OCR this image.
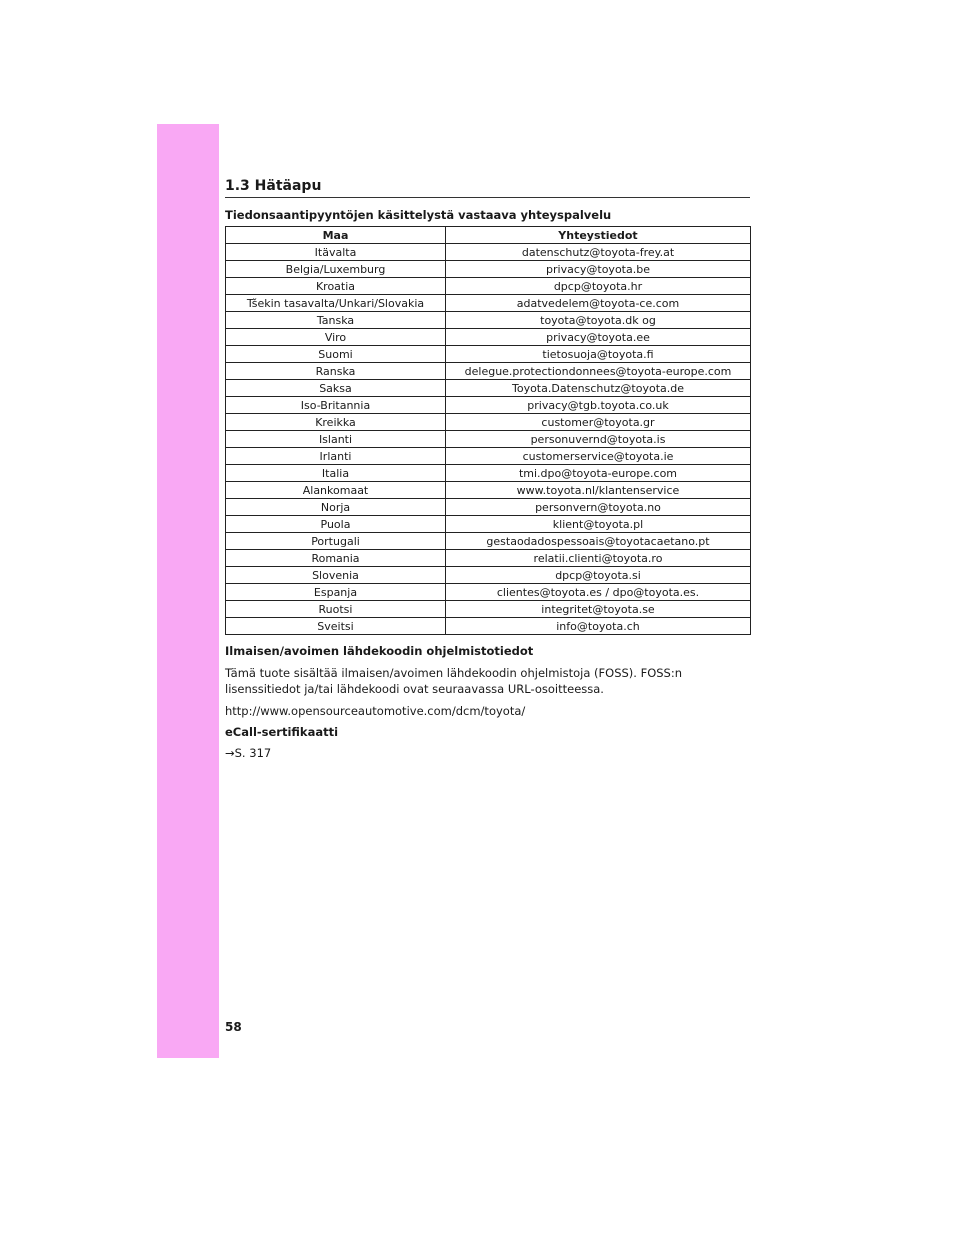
1.3 Hätäapu
Tiedonsaantipyyntöjen käsittelystä vastaava yhteyspalvelu
Maa	Yhteystiedot
Itävalta	datenschutz@toyota-frey.at
Belgia/Luxemburg	privacy@toyota.be
Kroatia	dpcp@toyota.hr
Tšekin tasavalta/Unkari/Slovakia	adatvedelem@toyota-ce.com
Tanska	toyota@toyota.dk og
Viro	privacy@toyota.ee
Suomi	tietosuoja@toyota.fi
Ranska	delegue.protectiondonnees@toyota-europe.com
Saksa	Toyota.Datenschutz@toyota.de
Iso-Britannia	privacy@tgb.toyota.co.uk
Kreikka	customer@toyota.gr
Islanti	personuvernd@toyota.is
Irlanti	customerservice@toyota.ie
Italia	tmi.dpo@toyota-europe.com
Alankomaat	www.toyota.nl/klantenservice
Norja	personvern@toyota.no
Puola	klient@toyota.pl
Portugali	gestaodadospessoais@toyotacaetano.pt
Romania	relatii.clienti@toyota.ro
Slovenia	dpcp@toyota.si
Espanja	clientes@toyota.es / dpo@toyota.es.
Ruotsi	integritet@toyota.se
Sveitsi	info@toyota.ch
Ilmaisen/avoimen lähdekoodin ohjelmistotiedot

Tämä tuote sisältää ilmaisen/avoimen lähdekoodin ohjelmistoja (FOSS). FOSS:n lisenssitiedot ja/tai lähdekoodi ovat seuraavassa URL-osoitteessa.

http://www.opensourceautomotive.com/dcm/toyota/

eCall-sertifikaatti

→S. 317

58
